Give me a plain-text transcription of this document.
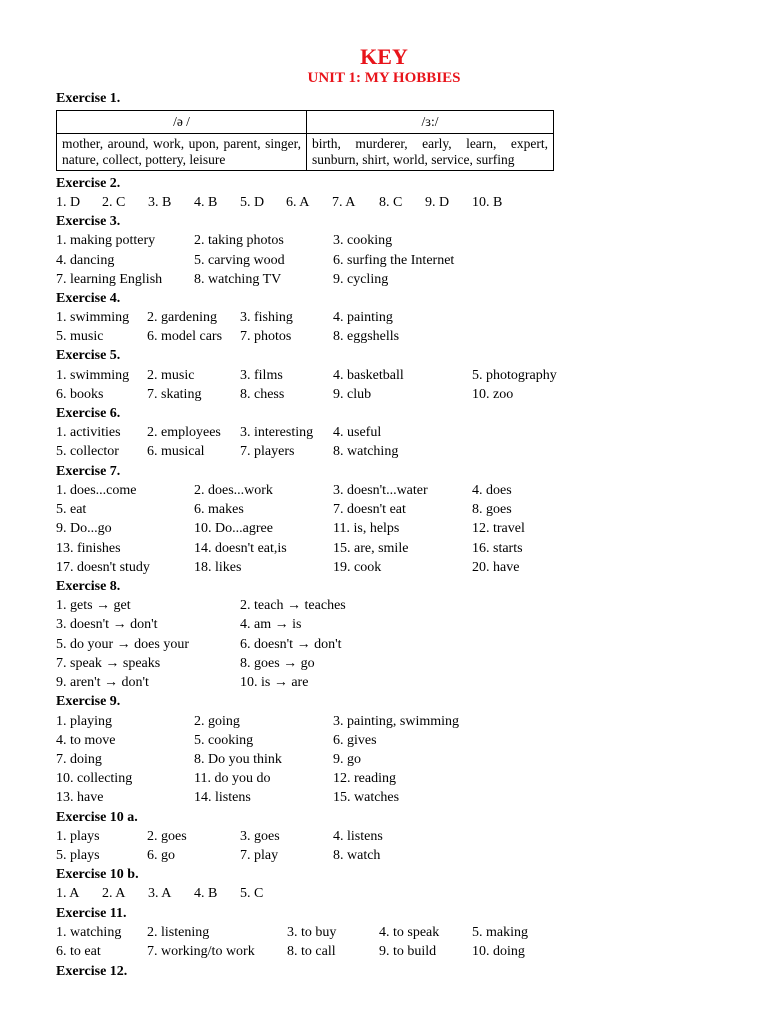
KEY
UNIT 1: MY HOBBIES
Exercise 1.
/ə /	/ɜ:/
mother, around, work, upon, parent, singer, nature, collect, pottery, leisure	birth, murderer, early, learn, expert, sunburn, shirt, world, service, surfing
Exercise 2.
1. D 2. C 3. B 4. B 5. D 6. A 7. A 8. C 9. D 10. B
Exercise 3.
1. making pottery	2. taking photos	3. cooking
4. dancing	5. carving wood	6. surfing the Internet
7. learning English 8. watching TV	9. cycling
Exercise 4.
1. swimming 2. gardening 3. fishing	4. painting
5. music	6. model cars 7. photos	8. eggshells
Exercise 5.
1. swimming 2. music	3. films	4. basketball	5. photography
6. books	7. skating	8. chess	9. club	10. zoo
Exercise 6.
1. activities 2. employees 3. interesting 4. useful
5. collector 6. musical	7. players	8. watching
Exercise 7.
1. does...come	2. does...work	3. doesn't...water	4. does
5. eat	6. makes	7. doesn't eat	8. goes
9. Do...go	10. Do...agree	11. is, helps	12. travel
13. finishes	14. doesn't eat,is	15. are, smile	16. starts
17. doesn't study	18. likes	19. cook	20. have
Exercise 8.
1. gets → get	2. teach → teaches
3. doesn't → don't	4. am → is
5. do your → does your	6. doesn't → don't
7. speak → speaks	8. goes → go
9. aren't → don't	10. is → are
Exercise 9.
1. playing	2. going	3. painting, swimming
4. to move	5. cooking	6. gives
7. doing	8. Do you think	9. go
10. collecting	11. do you do	12. reading
13. have	14. listens	15. watches
Exercise 10 a.
1. plays	2. goes	3. goes	4. listens
5. plays	6. go	7. play	8. watch
Exercise 10 b.
1. A 2. A 3. A 4. B 5. C
Exercise 11.
1. watching 2. listening	3. to buy	4. to speak 5. making
6. to eat	7. working/to work 8. to call	9. to build	10. doing
Exercise 12.
